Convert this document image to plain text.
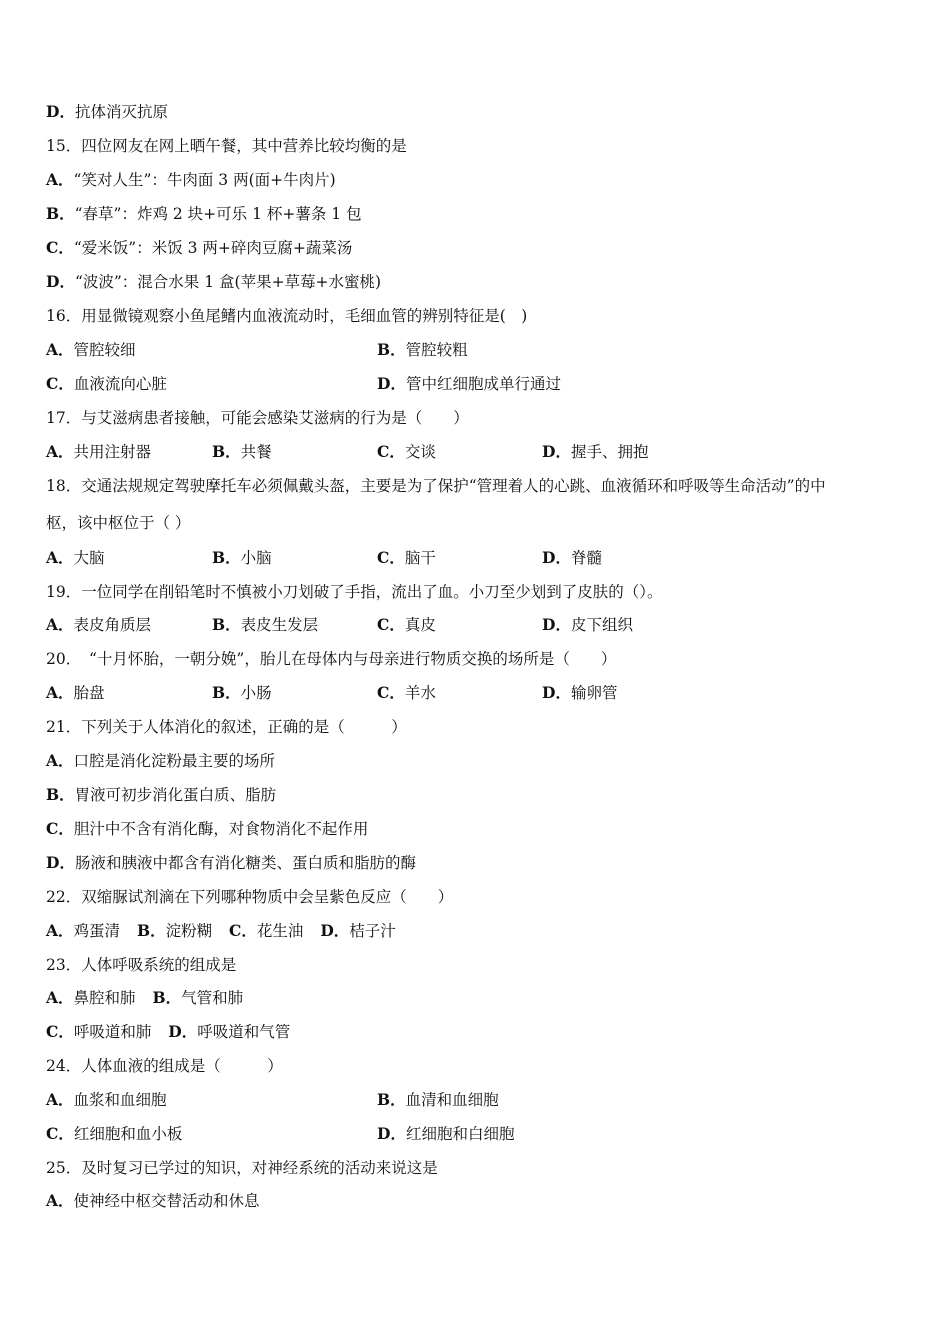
D．抗体消灭抗原
15．四位网友在网上晒午餐，其中营养比较均衡的是
A．“笑对人生”：牛肉面 3 两(面+牛肉片)
B．“春草”：炸鸡 2 块+可乐 1 杯+薯条 1 包
C．“爱米饭”：米饭 3 两+碎肉豆腐+蔬菜汤
D．“波波”：混合水果 1 盒(苹果+草莓+水蜜桃)
16．用显微镜观察小鱼尾鳍内血液流动时，毛细血管的辨别特征是(　)
A．管腔较细	B．管腔较粗
C．血液流向心脏	D．管中红细胞成单行通过
17．与艾滋病患者接触，可能会感染艾滋病的行为是（　　）
A．共用注射器	B．共餐	C．交谈	D．握手、拥抱
18．交通法规规定驾驶摩托车必须佩戴头盔，主要是为了保护“管理着人的心跳、血液循环和呼吸等生命活动”的中
枢，该中枢位于（ ）
A．大脑	B．小脑	C．脑干	D．脊髓
19．一位同学在削铅笔时不慎被小刀划破了手指，流出了血。小刀至少划到了皮肤的（）。
A．表皮角质层	B．表皮生发层	C．真皮	D．皮下组织
20．　“十月怀胎，一朝分娩”，胎儿在母体内与母亲进行物质交换的场所是（　　）
A．胎盘	B．小肠	C．羊水	D．输卵管
21．下列关于人体消化的叙述，正确的是（　　　）
A．口腔是消化淀粉最主要的场所
B．胃液可初步消化蛋白质、脂肪
C．胆汁中不含有消化酶，对食物消化不起作用
D．肠液和胰液中都含有消化糖类、蛋白质和脂肪的酶
22．双缩脲试剂滴在下列哪种物质中会呈紫色反应（　　）
A．鸡蛋清 B．淀粉糊 C．花生油 D．桔子汁
23．人体呼吸系统的组成是
A．鼻腔和肺 B．气管和肺
C．呼吸道和肺 D．呼吸道和气管
24．人体血液的组成是（　　　）
A．血浆和血细胞	B．血清和血细胞
C．红细胞和血小板	D．红细胞和白细胞
25．及时复习已学过的知识，对神经系统的活动来说这是
A．使神经中枢交替活动和休息
